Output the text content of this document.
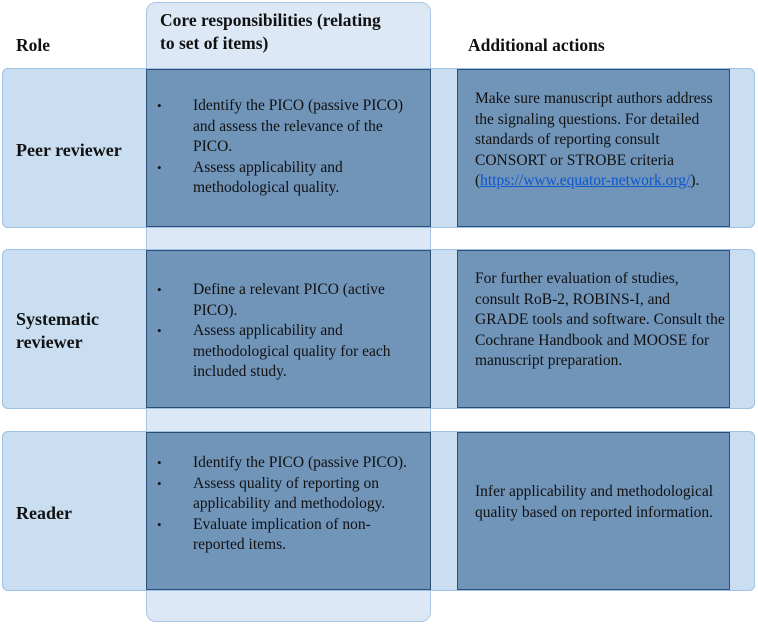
Role
Core responsibilities (relating to set of items)	Additional actions
Peer reviewer
• Identify the PICO (passive PICO) and assess the relevance of the PICO.
• Assess applicability and methodological quality.
Make sure manuscript authors address the signaling questions. For detailed standards of reporting consult CONSORT or STROBE criteria (https://www.equator-network.org/).
Systematic reviewer
• Define a relevant PICO (active PICO).
• Assess applicability and methodological quality for each included study.
For further evaluation of studies, consult RoB-2, ROBINS-I, and GRADE tools and software. Consult the Cochrane Handbook and MOOSE for manuscript preparation.
Reader
• Identify the PICO (passive PICO).
• Assess quality of reporting on applicability and methodology.
• Evaluate implication of non-reported items.
Infer applicability and methodological quality based on reported information.
